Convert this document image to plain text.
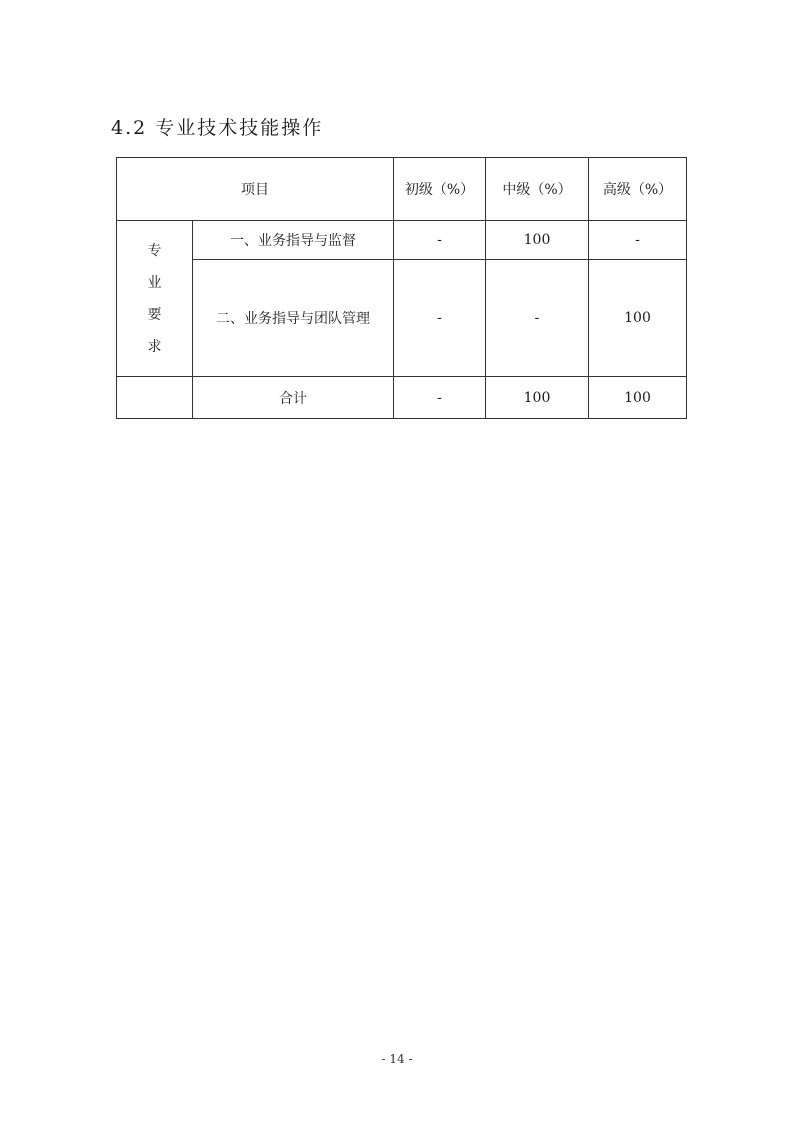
4.2 专业技术技能操作
项目		初级（%）	中级（%）	高级（%）

专
业
要
求	一、业务指导与监督	-	100	-
	二、业务指导与团队管理	-	-	100
	合计	-	100	100
- 14 -
